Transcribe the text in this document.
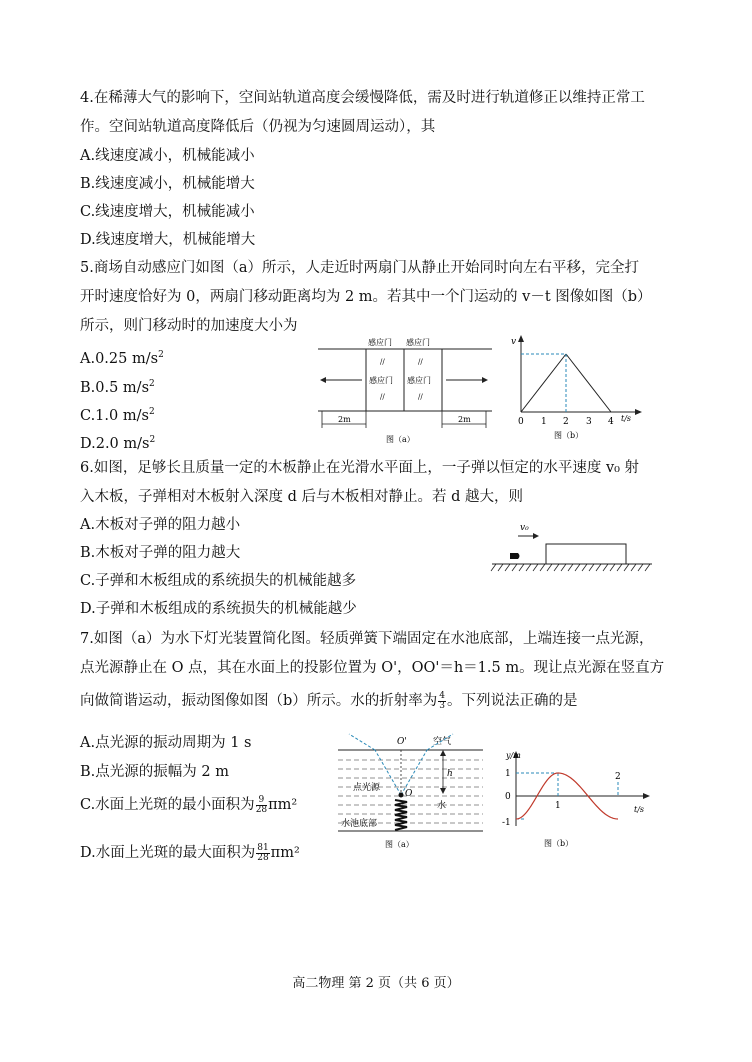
4.在稀薄大气的影响下，空间站轨道高度会缓慢降低，需及时进行轨道修正以维持正常工
作。空间站轨道高度降低后（仍视为匀速圆周运动），其
A.线速度减小，机械能减小
B.线速度减小，机械能增大
C.线速度增大，机械能减小
D.线速度增大，机械能增大
5.商场自动感应门如图（a）所示，人走近时两扇门从静止开始同时向左右平移，完全打
开时速度恰好为 0，两扇门移动距离均为 2 m。若其中一个门运动的 v－t 图像如图（b）
所示，则门移动时的加速度大小为
A.0.25 $m/s^2$
B.0.5 $m/s^2$
C.1.0 $m/s^2$
D.2.0 $m/s^2$
感应门 感应门
//	//
感应门 感应门
//	//
2m	2m
图（a）
v
t/s
0 1 2 3 4
图（b）
6.如图，足够长且质量一定的木板静止在光滑水平面上，一子弹以恒定的水平速度 v₀ 射
入木板，子弹相对木板射入深度 d 后与木板相对静止。若 d 越大，则
A.木板对子弹的阻力越小
B.木板对子弹的阻力越大
C.子弹和木板组成的系统损失的机械能越多
D.子弹和木板组成的系统损失的机械能越少
v₀
7.如图（a）为水下灯光装置简化图。轻质弹簧下端固定在水池底部，上端连接一点光源，
点光源静止在 O 点，其在水面上的投影位置为 O'，OO'＝h＝1.5 m。现让点光源在竖直方
向做简谐运动，振动图像如图（b）所示。水的折射率为 $\frac{4}{3}$ 。下列说法正确的是
A.点光源的振动周期为 1 s
B.点光源的振幅为 2 m
C.水面上光斑的最小面积为 $\frac{9}{28} \pi m^2$
D.水面上光斑的最大面积为 $\frac{81}{28} \pi m^2$
O'	空气
h
点光源
O
水
水池底部
图（a）
y/m
t/s
1
0
-1
1
2
图（b）
高二物理 第 2 页（共 6 页）
